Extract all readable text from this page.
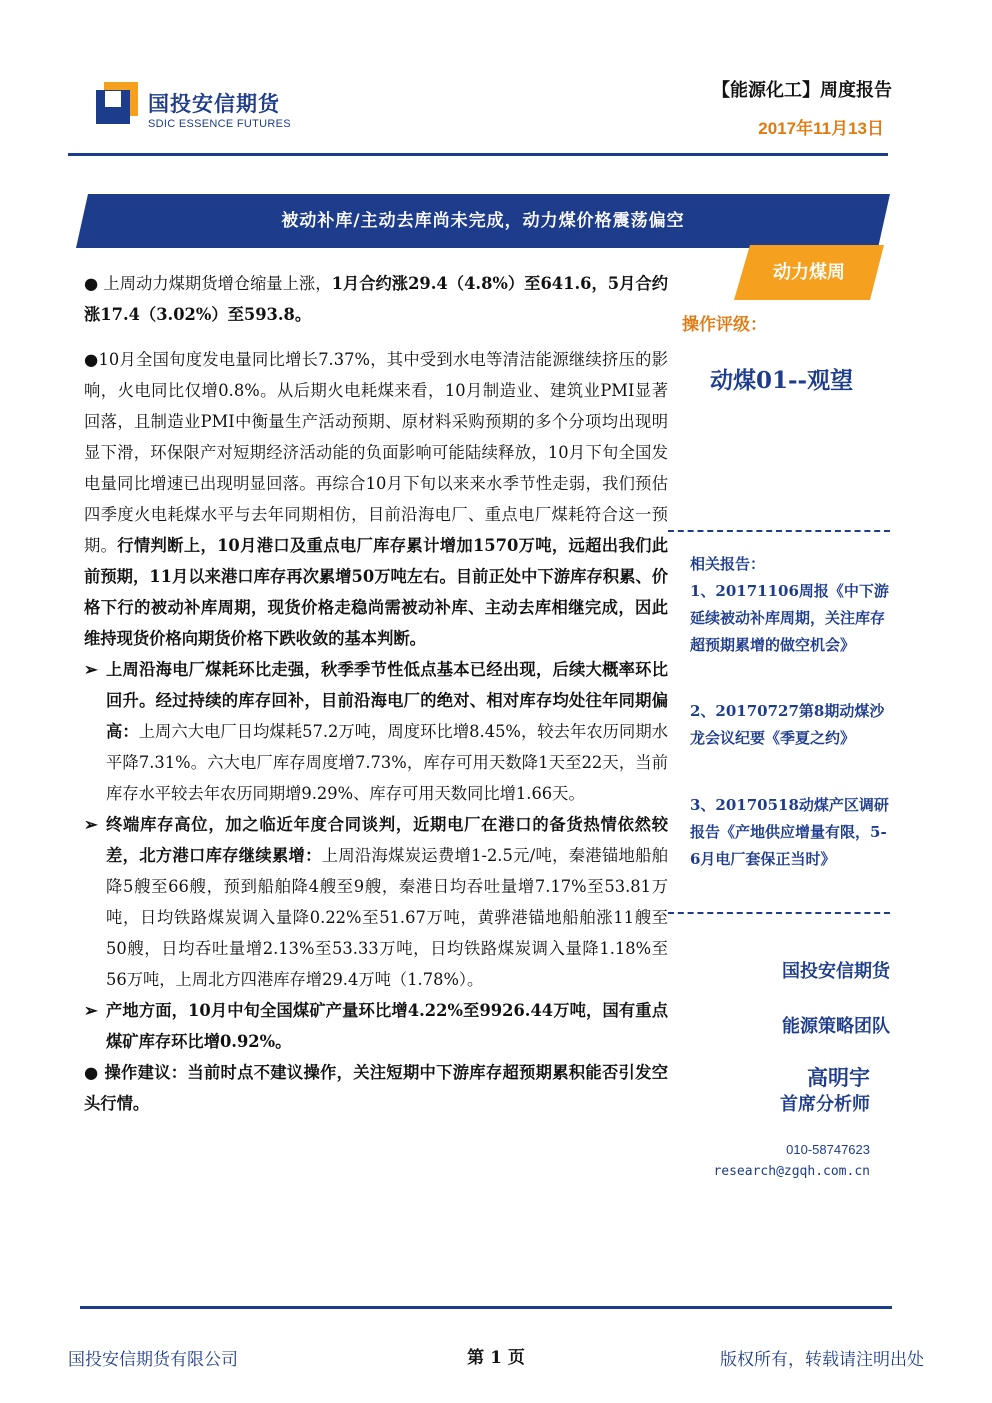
国投安信期货
SDIC ESSENCE FUTURES
【能源化工】周度报告
2017年11月13日
被动补库/主动去库尚未完成，动力煤价格震荡偏空
动力煤周
操作评级：
动煤01--观望
相关报告：
1、20171106周报《中下游延续被动补库周期，关注库存超预期累增的做空机会》
2、20170727第8期动煤沙龙会议纪要《季夏之约》
3、20170518动煤产区调研报告《产地供应增量有限，5-6月电厂套保正当时》
国投安信期货
能源策略团队
高明宇
首席分析师
010-58747623
research@zgqh.com.cn

● 上周动力煤期货增仓缩量上涨，1月合约涨29.4（4.8%）至641.6，5月合约涨17.4（3.02%）至593.8。

●10月全国旬度发电量同比增长7.37%，其中受到水电等清洁能源继续挤压的影响，火电同比仅增0.8%。从后期火电耗煤来看，10月制造业、建筑业PMI显著回落，且制造业PMI中衡量生产活动预期、原材料采购预期的多个分项均出现明显下滑，环保限产对短期经济活动能的负面影响可能陆续释放，10月下旬全国发电量同比增速已出现明显回落。再综合10月下旬以来来水季节性走弱，我们预估四季度火电耗煤水平与去年同期相仿，目前沿海电厂、重点电厂煤耗符合这一预期。行情判断上，10月港口及重点电厂库存累计增加1570万吨，远超出我们此前预期，11月以来港口库存再次累增50万吨左右。目前正处中下游库存积累、价格下行的被动补库周期，现货价格走稳尚需被动补库、主动去库相继完成，因此维持现货价格向期货价格下跌收敛的基本判断。

➢ 上周沿海电厂煤耗环比走强，秋季季节性低点基本已经出现，后续大概率环比回升。经过持续的库存回补，目前沿海电厂的绝对、相对库存均处往年同期偏高：上周六大电厂日均煤耗57.2万吨，周度环比增8.45%，较去年农历同期水平降7.31%。六大电厂库存周度增7.73%，库存可用天数降1天至22天，当前库存水平较去年农历同期增9.29%、库存可用天数同比增1.66天。

➢ 终端库存高位，加之临近年度合同谈判，近期电厂在港口的备货热情依然较差，北方港口库存继续累增：上周沿海煤炭运费增1-2.5元/吨，秦港锚地船舶降5艘至66艘，预到船舶降4艘至9艘，秦港日均吞吐量增7.17%至53.81万吨，日均铁路煤炭调入量降0.22%至51.67万吨，黄骅港锚地船舶涨11艘至50艘，日均吞吐量增2.13%至53.33万吨，日均铁路煤炭调入量降1.18%至56万吨，上周北方四港库存增29.4万吨（1.78%）。

➢ 产地方面，10月中旬全国煤矿产量环比增4.22%至9926.44万吨，国有重点煤矿库存环比增0.92%。

● 操作建议：当前时点不建议操作，关注短期中下游库存超预期累积能否引发空头行情。

国投安信期货有限公司	第 1 页	版权所有，转载请注明出处
